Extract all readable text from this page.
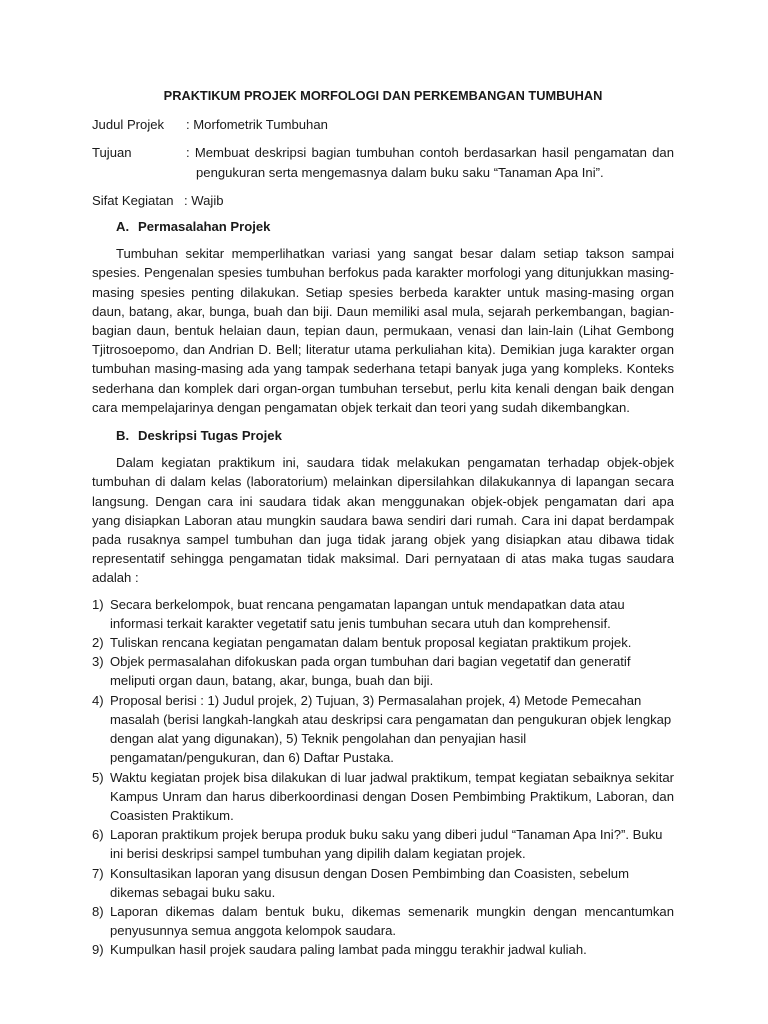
PRAKTIKUM PROJEK MORFOLOGI DAN PERKEMBANGAN TUMBUHAN
Judul Projek	: Morfometrik Tumbuhan
Tujuan	: Membuat deskripsi bagian tumbuhan contoh berdasarkan hasil pengamatan dan pengukuran serta mengemasnya dalam buku saku “Tanaman Apa Ini”.
Sifat Kegiatan : Wajib
A. Permasalahan Projek

Tumbuhan sekitar memperlihatkan variasi yang sangat besar dalam setiap takson sampai spesies. Pengenalan spesies tumbuhan berfokus pada karakter morfologi yang ditunjukkan masing-masing spesies penting dilakukan. Setiap spesies berbeda karakter untuk masing-masing organ daun, batang, akar, bunga, buah dan biji. Daun memiliki asal mula, sejarah perkembangan, bagian-bagian daun, bentuk helaian daun, tepian daun, permukaan, venasi dan lain-lain (Lihat Gembong Tjitrosoepomo, dan Andrian D. Bell; literatur utama perkuliahan kita). Demikian juga karakter organ tumbuhan masing-masing ada yang tampak sederhana tetapi banyak juga yang kompleks. Konteks sederhana dan komplek dari organ-organ tumbuhan tersebut, perlu kita kenali dengan baik dengan cara mempelajarinya dengan pengamatan objek terkait dan teori yang sudah dikembangkan.

B. Deskripsi Tugas Projek

Dalam kegiatan praktikum ini, saudara tidak melakukan pengamatan terhadap objek-objek tumbuhan di dalam kelas (laboratorium) melainkan dipersilahkan dilakukannya di lapangan secara langsung. Dengan cara ini saudara tidak akan menggunakan objek-objek pengamatan dari apa yang disiapkan Laboran atau mungkin saudara bawa sendiri dari rumah. Cara ini dapat berdampak pada rusaknya sampel tumbuhan dan juga tidak jarang objek yang disiapkan atau dibawa tidak representatif sehingga pengamatan tidak maksimal. Dari pernyataan di atas maka tugas saudara adalah :

1) Secara berkelompok, buat rencana pengamatan lapangan untuk mendapatkan data atau informasi terkait karakter vegetatif satu jenis tumbuhan secara utuh dan komprehensif.
2) Tuliskan rencana kegiatan pengamatan dalam bentuk proposal kegiatan praktikum projek.
3) Objek permasalahan difokuskan pada organ tumbuhan dari bagian vegetatif dan generatif meliputi organ daun, batang, akar, bunga, buah dan biji.
4) Proposal berisi : 1) Judul projek, 2) Tujuan, 3) Permasalahan projek, 4) Metode Pemecahan masalah (berisi langkah-langkah atau deskripsi cara pengamatan dan pengukuran objek lengkap dengan alat yang digunakan), 5) Teknik pengolahan dan penyajian hasil pengamatan/pengukuran, dan 6) Daftar Pustaka.
5) Waktu kegiatan projek bisa dilakukan di luar jadwal praktikum, tempat kegiatan sebaiknya sekitar Kampus Unram dan harus diberkoordinasi dengan Dosen Pembimbing Praktikum, Laboran, dan Coasisten Praktikum.
6) Laporan praktikum projek berupa produk buku saku yang diberi judul “Tanaman Apa Ini?”. Buku ini berisi deskripsi sampel tumbuhan yang dipilih dalam kegiatan projek.
7) Konsultasikan laporan yang disusun dengan Dosen Pembimbing dan Coasisten, sebelum dikemas sebagai buku saku.
8) Laporan dikemas dalam bentuk buku, dikemas semenarik mungkin dengan mencantumkan penyusunnya semua anggota kelompok saudara.
9) Kumpulkan hasil projek saudara paling lambat pada minggu terakhir jadwal kuliah.
